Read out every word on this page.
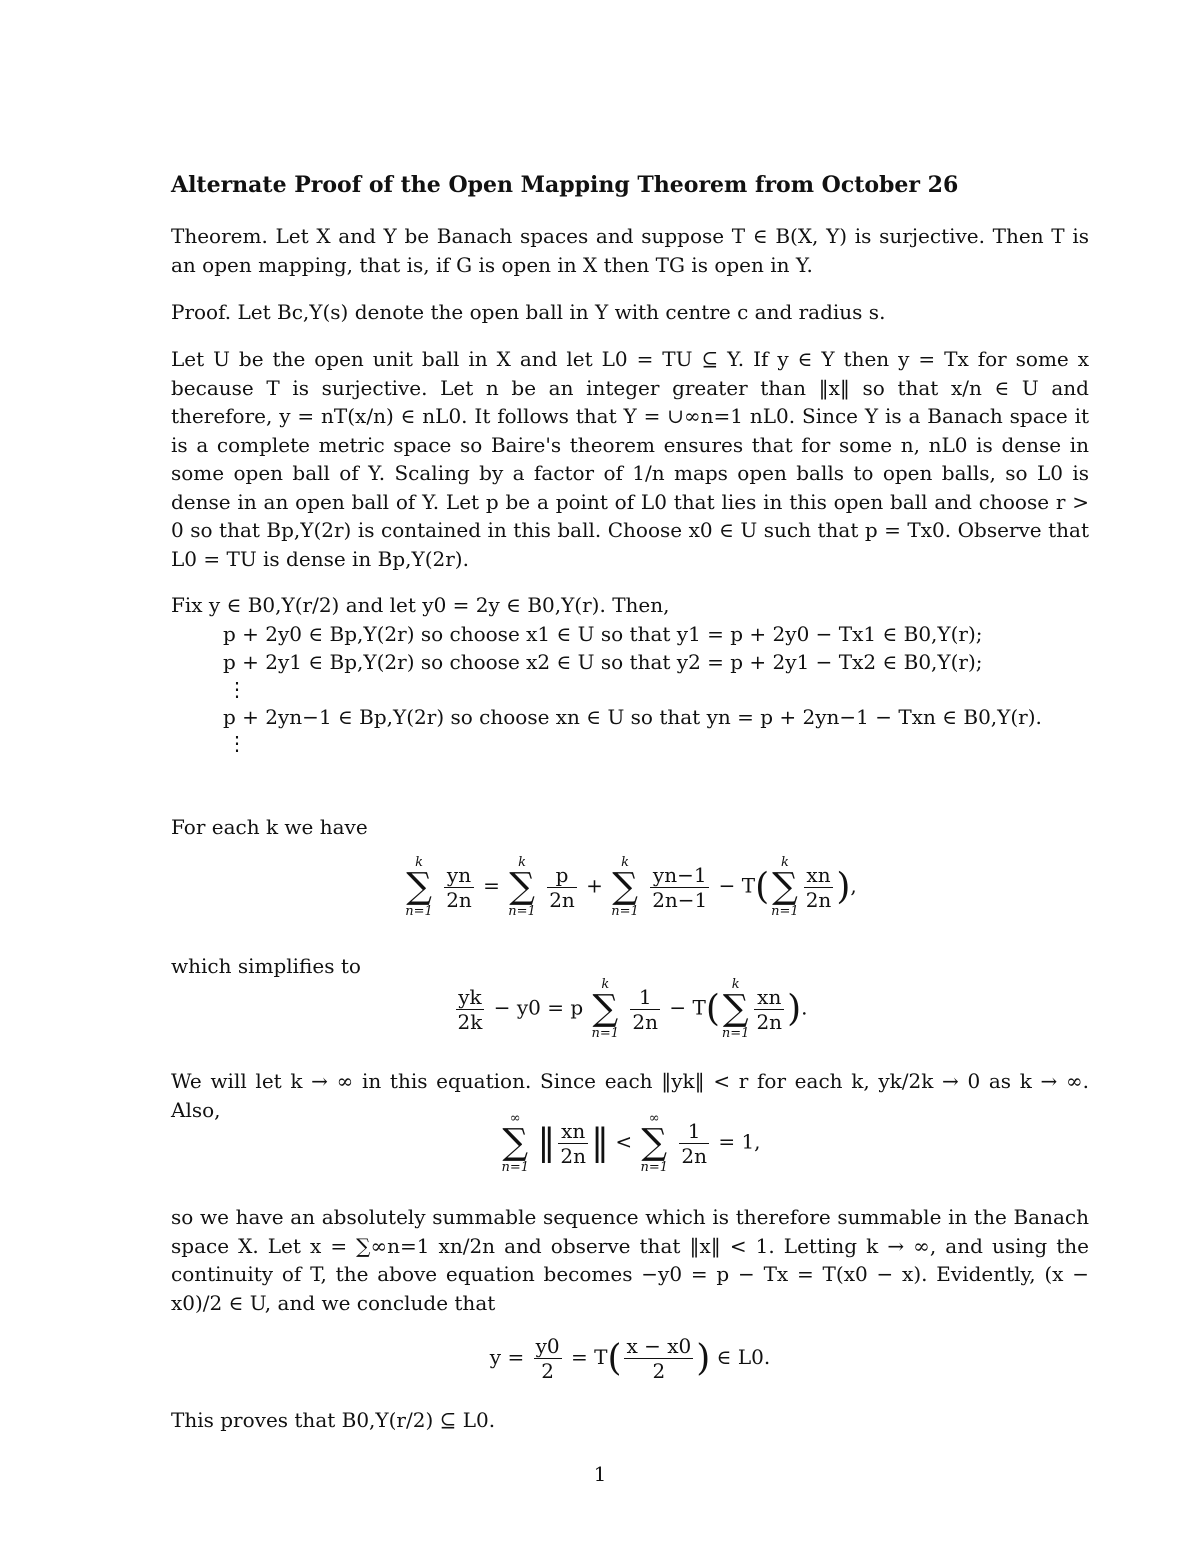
Alternate Proof of the Open Mapping Theorem from October 26

Theorem. Let X and Y be Banach spaces and suppose T ∈ B(X, Y) is surjective. Then T is an open mapping, that is, if G is open in X then TG is open in Y.

Proof. Let Bc,Y(s) denote the open ball in Y with centre c and radius s.

Let U be the open unit ball in X and let L0 = TU ⊆ Y. If y ∈ Y then y = Tx for some x because T is surjective. Let n be an integer greater than ‖x‖ so that x/n ∈ U and therefore, y = nT(x/n) ∈ nL0. It follows that Y = ∪∞n=1 nL0. Since Y is a Banach space it is a complete metric space so Baire's theorem ensures that for some n, nL0 is dense in some open ball of Y. Scaling by a factor of 1/n maps open balls to open balls, so L0 is dense in an open ball of Y. Let p be a point of L0 that lies in this open ball and choose r > 0 so that Bp,Y(2r) is contained in this ball. Choose x0 ∈ U such that p = Tx0. Observe that L0 = TU is dense in Bp,Y(2r).

Fix y ∈ B0,Y(r/2) and let y0 = 2y ∈ B0,Y(r). Then,
p + 2y0 ∈ Bp,Y(2r) so choose x1 ∈ U so that y1 = p + 2y0 − Tx1 ∈ B0,Y(r);
p + 2y1 ∈ Bp,Y(2r) so choose x2 ∈ U so that y2 = p + 2y1 − Tx2 ∈ B0,Y(r);
⋮
p + 2yn−1 ∈ Bp,Y(2r) so choose xn ∈ U so that yn = p + 2yn−1 − Txn ∈ B0,Y(r).
⋮

For each k we have

k
∑
n=1
$\frac{yn}{2n}$ =
k
∑
n=1
$\frac{p}{2n}$ +
k
∑
n=1
$\frac{yn-1}{2n-1} - T$(
k
∑
$n=1 \frac{xn}{2n}$ ),

which simplifies to

$\frac{yk}{2k} - y0 = p$
k
∑
n=1
$\frac{1}{2n} - T$(
k
∑
$n=1 \frac{xn}{2n}$ ).

We will let k → ∞ in this equation. Since each ‖yk‖ < r for each k, yk/2k → 0 as k → ∞. Also,	∞
∑
n=1
‖ $\frac{xn}{2n}$ ‖ <
∞
∑
n=1
$\frac{1}{2n} = 1$,

so we have an absolutely summable sequence which is therefore summable in the Banach space X. Let x = ∑∞n=1 xn/2n and observe that ‖x‖ < 1. Letting k → ∞, and using the continuity of T, the above equation becomes −y0 = p − Tx = T(x0 − x). Evidently, (x − x0)/2 ∈ U, and we conclude that

$y = \frac{y0}{2} = T( \frac{x - x0}{2}$ ) ∈ L0.

This proves that B0,Y(r/2) ⊆ L0.

1
